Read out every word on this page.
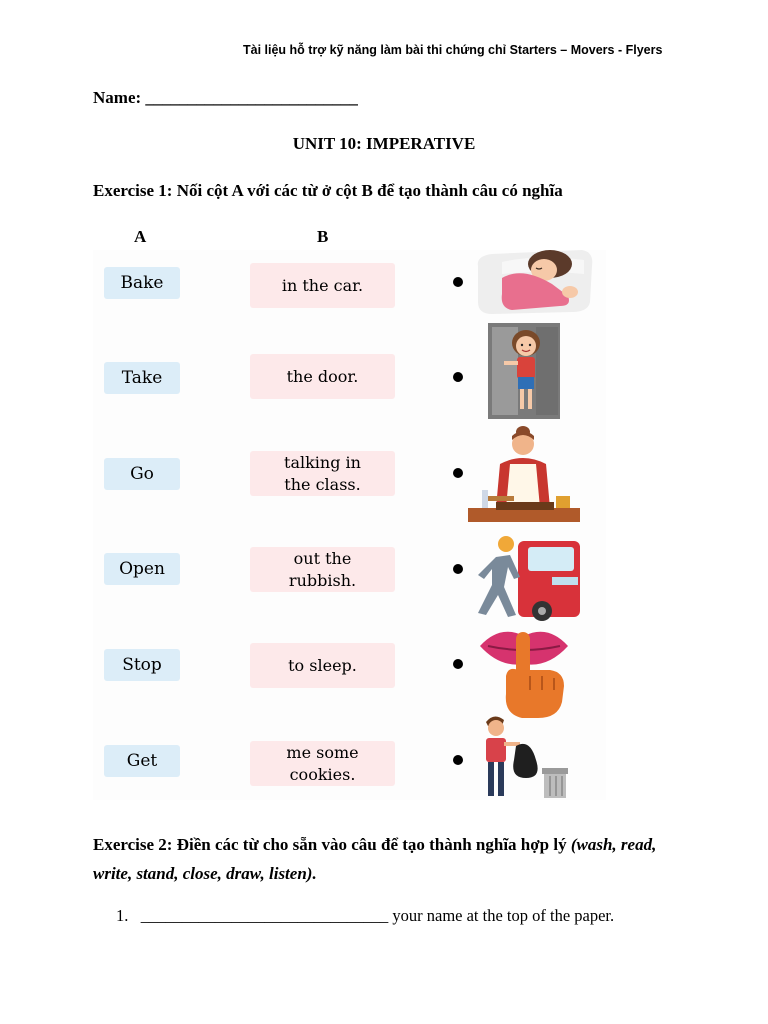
Tài liệu hỗ trợ kỹ năng làm bài thi chứng chỉ Starters – Movers - Flyers
Name: _________________________
UNIT 10: IMPERATIVE
Exercise 1: Nối cột A với các từ ở cột B để tạo thành câu có nghĩa
A	B
Bake
Take
Go
Open
Stop
Get
in the car.
the door.
talking in
the class.
out the
rubbish.
to sleep.
me some
cookies.
Exercise 2: Điền các từ cho sẵn vào câu để tạo thành nghĩa hợp lý (wash, read, write, stand, close, draw, listen).
1. ______________________________ your name at the top of the paper.
